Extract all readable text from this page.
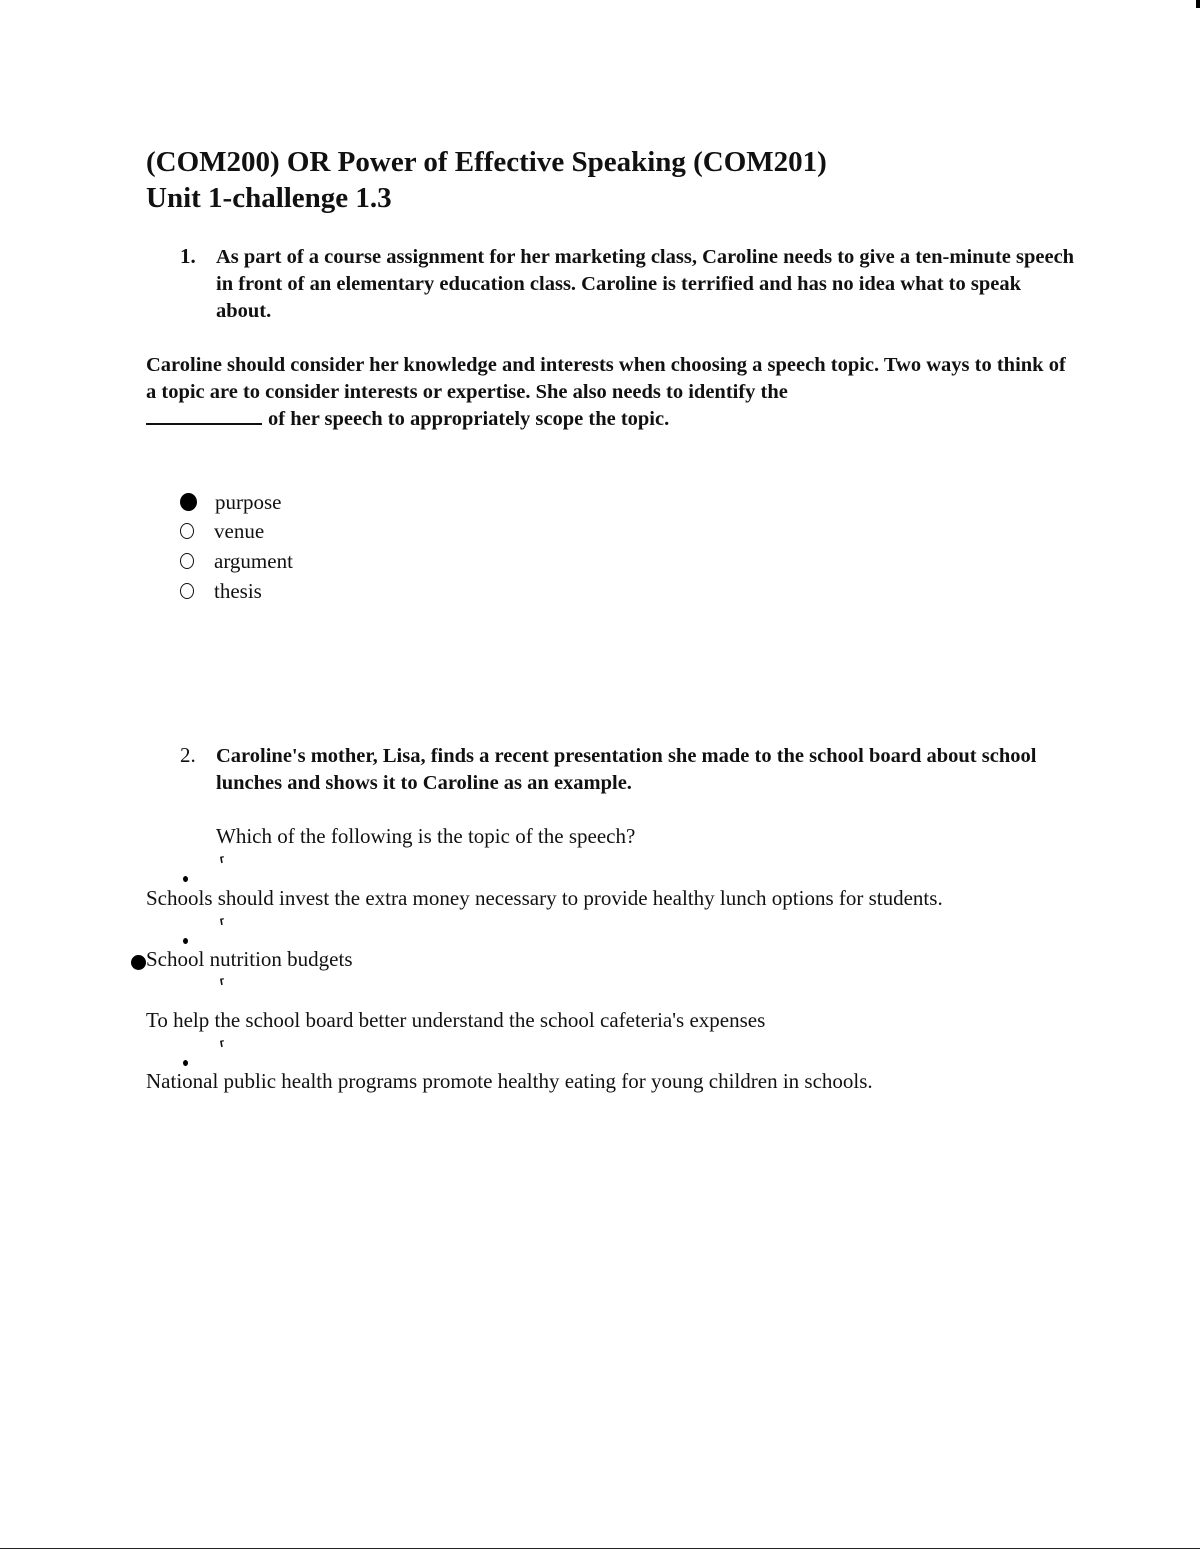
(COM200) OR Power of Effective Speaking (COM201)
Unit 1-challenge 1.3
1. As part of a course assignment for her marketing class, Caroline needs to give a ten-minute speech in front of an elementary education class. Caroline is terrified and has no idea what to speak about.
Caroline should consider her knowledge and interests when choosing a speech topic. Two ways to think of a topic are to consider interests or expertise. She also needs to identify the
of her speech to appropriately scope the topic.
purpose
venue
argument
thesis
2. Caroline's mother, Lisa, finds a recent presentation she made to the school board about school lunches and shows it to Caroline as an example.
Which of the following is the topic of the speech?
⸢
Schools should invest the extra money necessary to provide healthy lunch options for students.
⸢
School nutrition budgets
⸢
To help the school board better understand the school cafeteria's expenses
⸢
National public health programs promote healthy eating for young children in schools.
